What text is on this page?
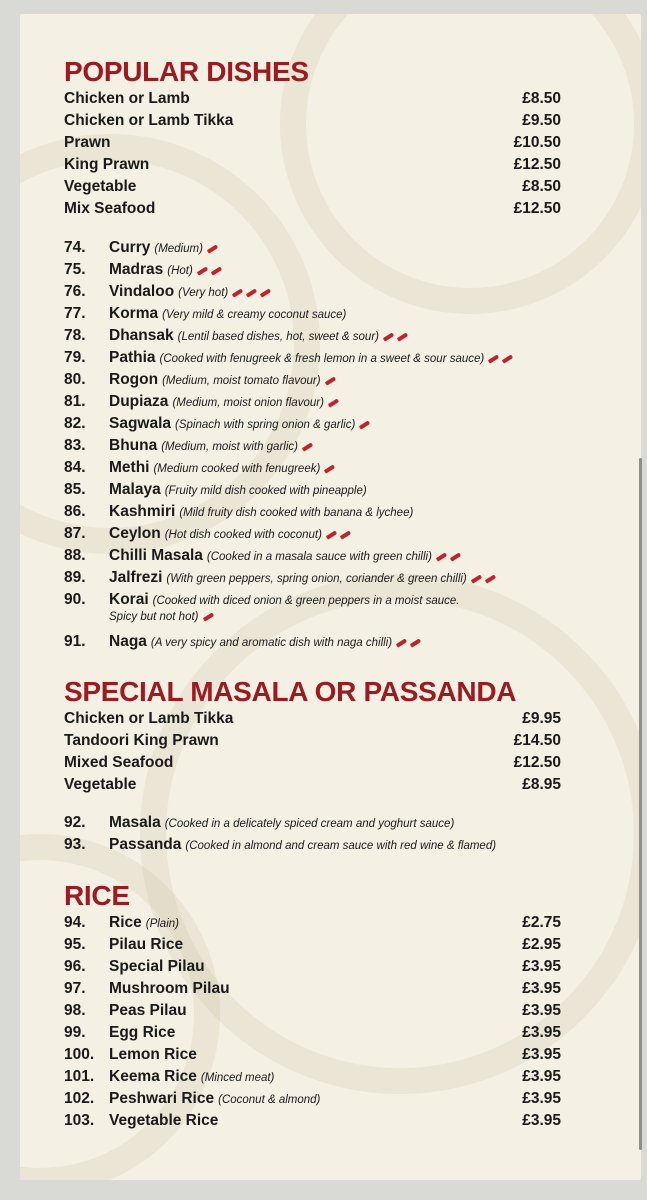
POPULAR DISHES
Chicken or Lamb	£8.50
Chicken or Lamb Tikka	£9.50
Prawn	£10.50
King Prawn	£12.50
Vegetable	£8.50
Mix Seafood	£12.50
74. Curry (Medium)
75. Madras (Hot)
76. Vindaloo (Very hot)
77. Korma (Very mild & creamy coconut sauce)
78. Dhansak (Lentil based dishes, hot, sweet & sour)
79. Pathia (Cooked with fenugreek & fresh lemon in a sweet & sour sauce)
80. Rogon (Medium, moist tomato flavour)
81. Dupiaza (Medium, moist onion flavour)
82. Sagwala (Spinach with spring onion & garlic)
83. Bhuna (Medium, moist with garlic)
84. Methi (Medium cooked with fenugreek)
85. Malaya (Fruity mild dish cooked with pineapple)
86. Kashmiri (Mild fruity dish cooked with banana & lychee)
87. Ceylon (Hot dish cooked with coconut)
88. Chilli Masala (Cooked in a masala sauce with green chilli)
89. Jalfrezi (With green peppers, spring onion, coriander & green chilli)
90. Korai (Cooked with diced onion & green peppers in a moist sauce.
Spicy but not hot)
91. Naga (A very spicy and aromatic dish with naga chilli)
SPECIAL MASALA OR PASSANDA
Chicken or Lamb Tikka	£9.95
Tandoori King Prawn	£14.50
Mixed Seafood	£12.50
Vegetable	£8.95
92. Masala (Cooked in a delicately spiced cream and yoghurt sauce)
93. Passanda (Cooked in almond and cream sauce with red wine & flamed)
RICE
94. Rice (Plain)	£2.75
95. Pilau Rice	£2.95
96. Special Pilau	£3.95
97. Mushroom Pilau	£3.95
98. Peas Pilau	£3.95
99. Egg Rice	£3.95
100. Lemon Rice	£3.95
101. Keema Rice (Minced meat)	£3.95
102. Peshwari Rice (Coconut & almond)	£3.95
103. Vegetable Rice	£3.95
